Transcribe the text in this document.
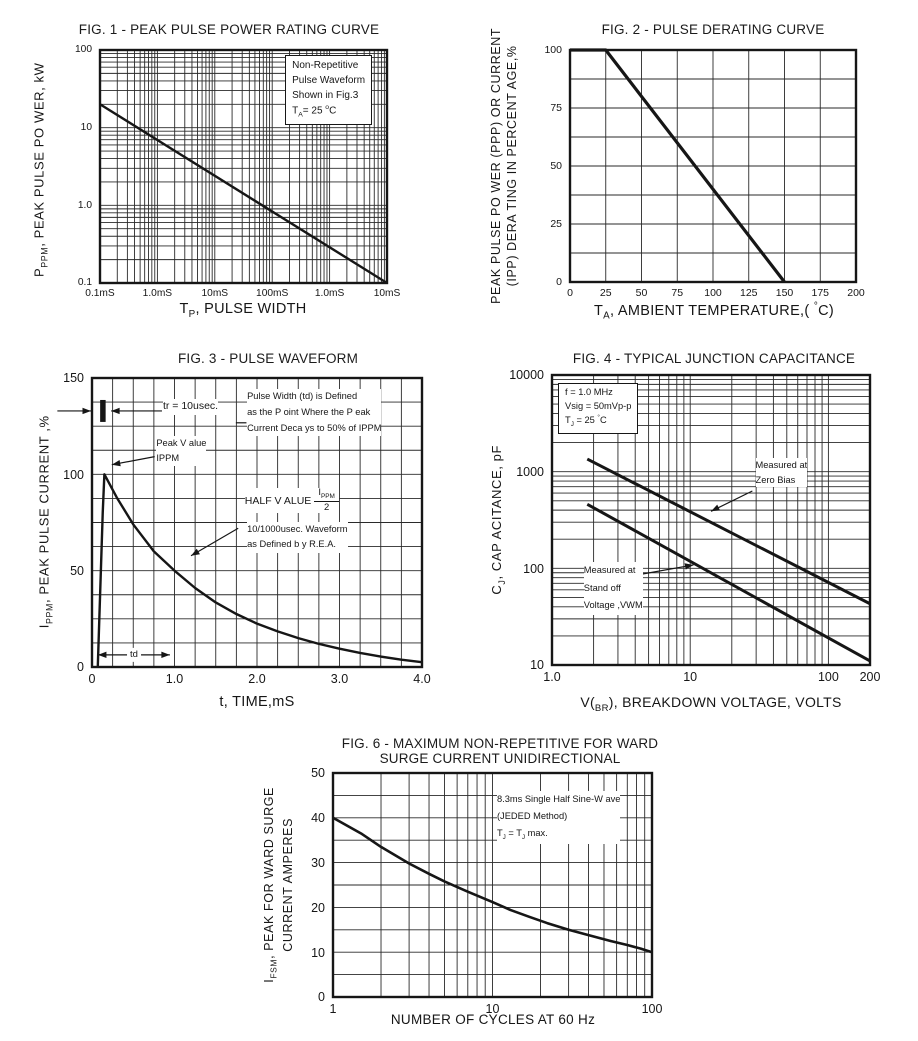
FIG. 1 - PEAK PULSE POWER RATING CURVE	FIG. 2 - PULSE DERATING CURVE
FIG. 3 - PULSE WAVEFORM	FIG. 4 - TYPICAL JUNCTION CAPACITANCE
FIG. 6 - MAXIMUM NON-REPETITIVE FOR WARD
SURGE CURRENT UNIDIRECTIONAL
Non-Repetitive
Pulse Waveform
Shown in Fig.3
$T_A= 25$ $^o$C
0.1mS	1.0mS	10mS	100mS	1.0mS	10mS
100
10
1.0
0.1
$T_P$, PULSE WIDTH
$P_{PPM}$, PEAK PULSE PO WER, kW
0	25 50 75 100 125 150 175 200
0
25
50
75
100
$T_A$, AMBIENT TEMPERATURE,( °C)
PEAK PULSE PO WER (PPP) OR CURRENT (IPP) DERA TING IN PERCENT AGE,%
tr = 10usec.
Pulse Width (td) is Defined
as the P oint Where the P eak
Current Deca ys to 50% of IPPM
Peak V alue
IPPM
HALF V ALUE $\frac{I_{PPM}}{2}$
10/1000usec. Waveform
as Defined b y R.E.A.
td
0	1.0	2.0	3.0	4.0
0
50
100
150
t, TIME,mS
$I_{PPM}$, PEAK PULSE CURRENT ,%
f = 1.0 MHz
Vsig = 50mVp-p
$T_J = 25$ °C
Measured at
Zero Bias
Measured at
Stand off
Voltage ,VWM
1.0	10	100 200
10
100
1000
10000
$V(_{BR})$, BREAKDOWN VOLTAGE, VOLTS
$C_J$, CAP ACITANCE, pF
8.3ms Single Half Sine-W ave
(JEDED Method)
$T_J = T_J$ max.
1	10	100
0
10
20
30
40
50
NUMBER OF CYCLES AT 60 Hz
$I_{FSM}$, PEAK FOR WARD SURGE CURRENT AMPERES
